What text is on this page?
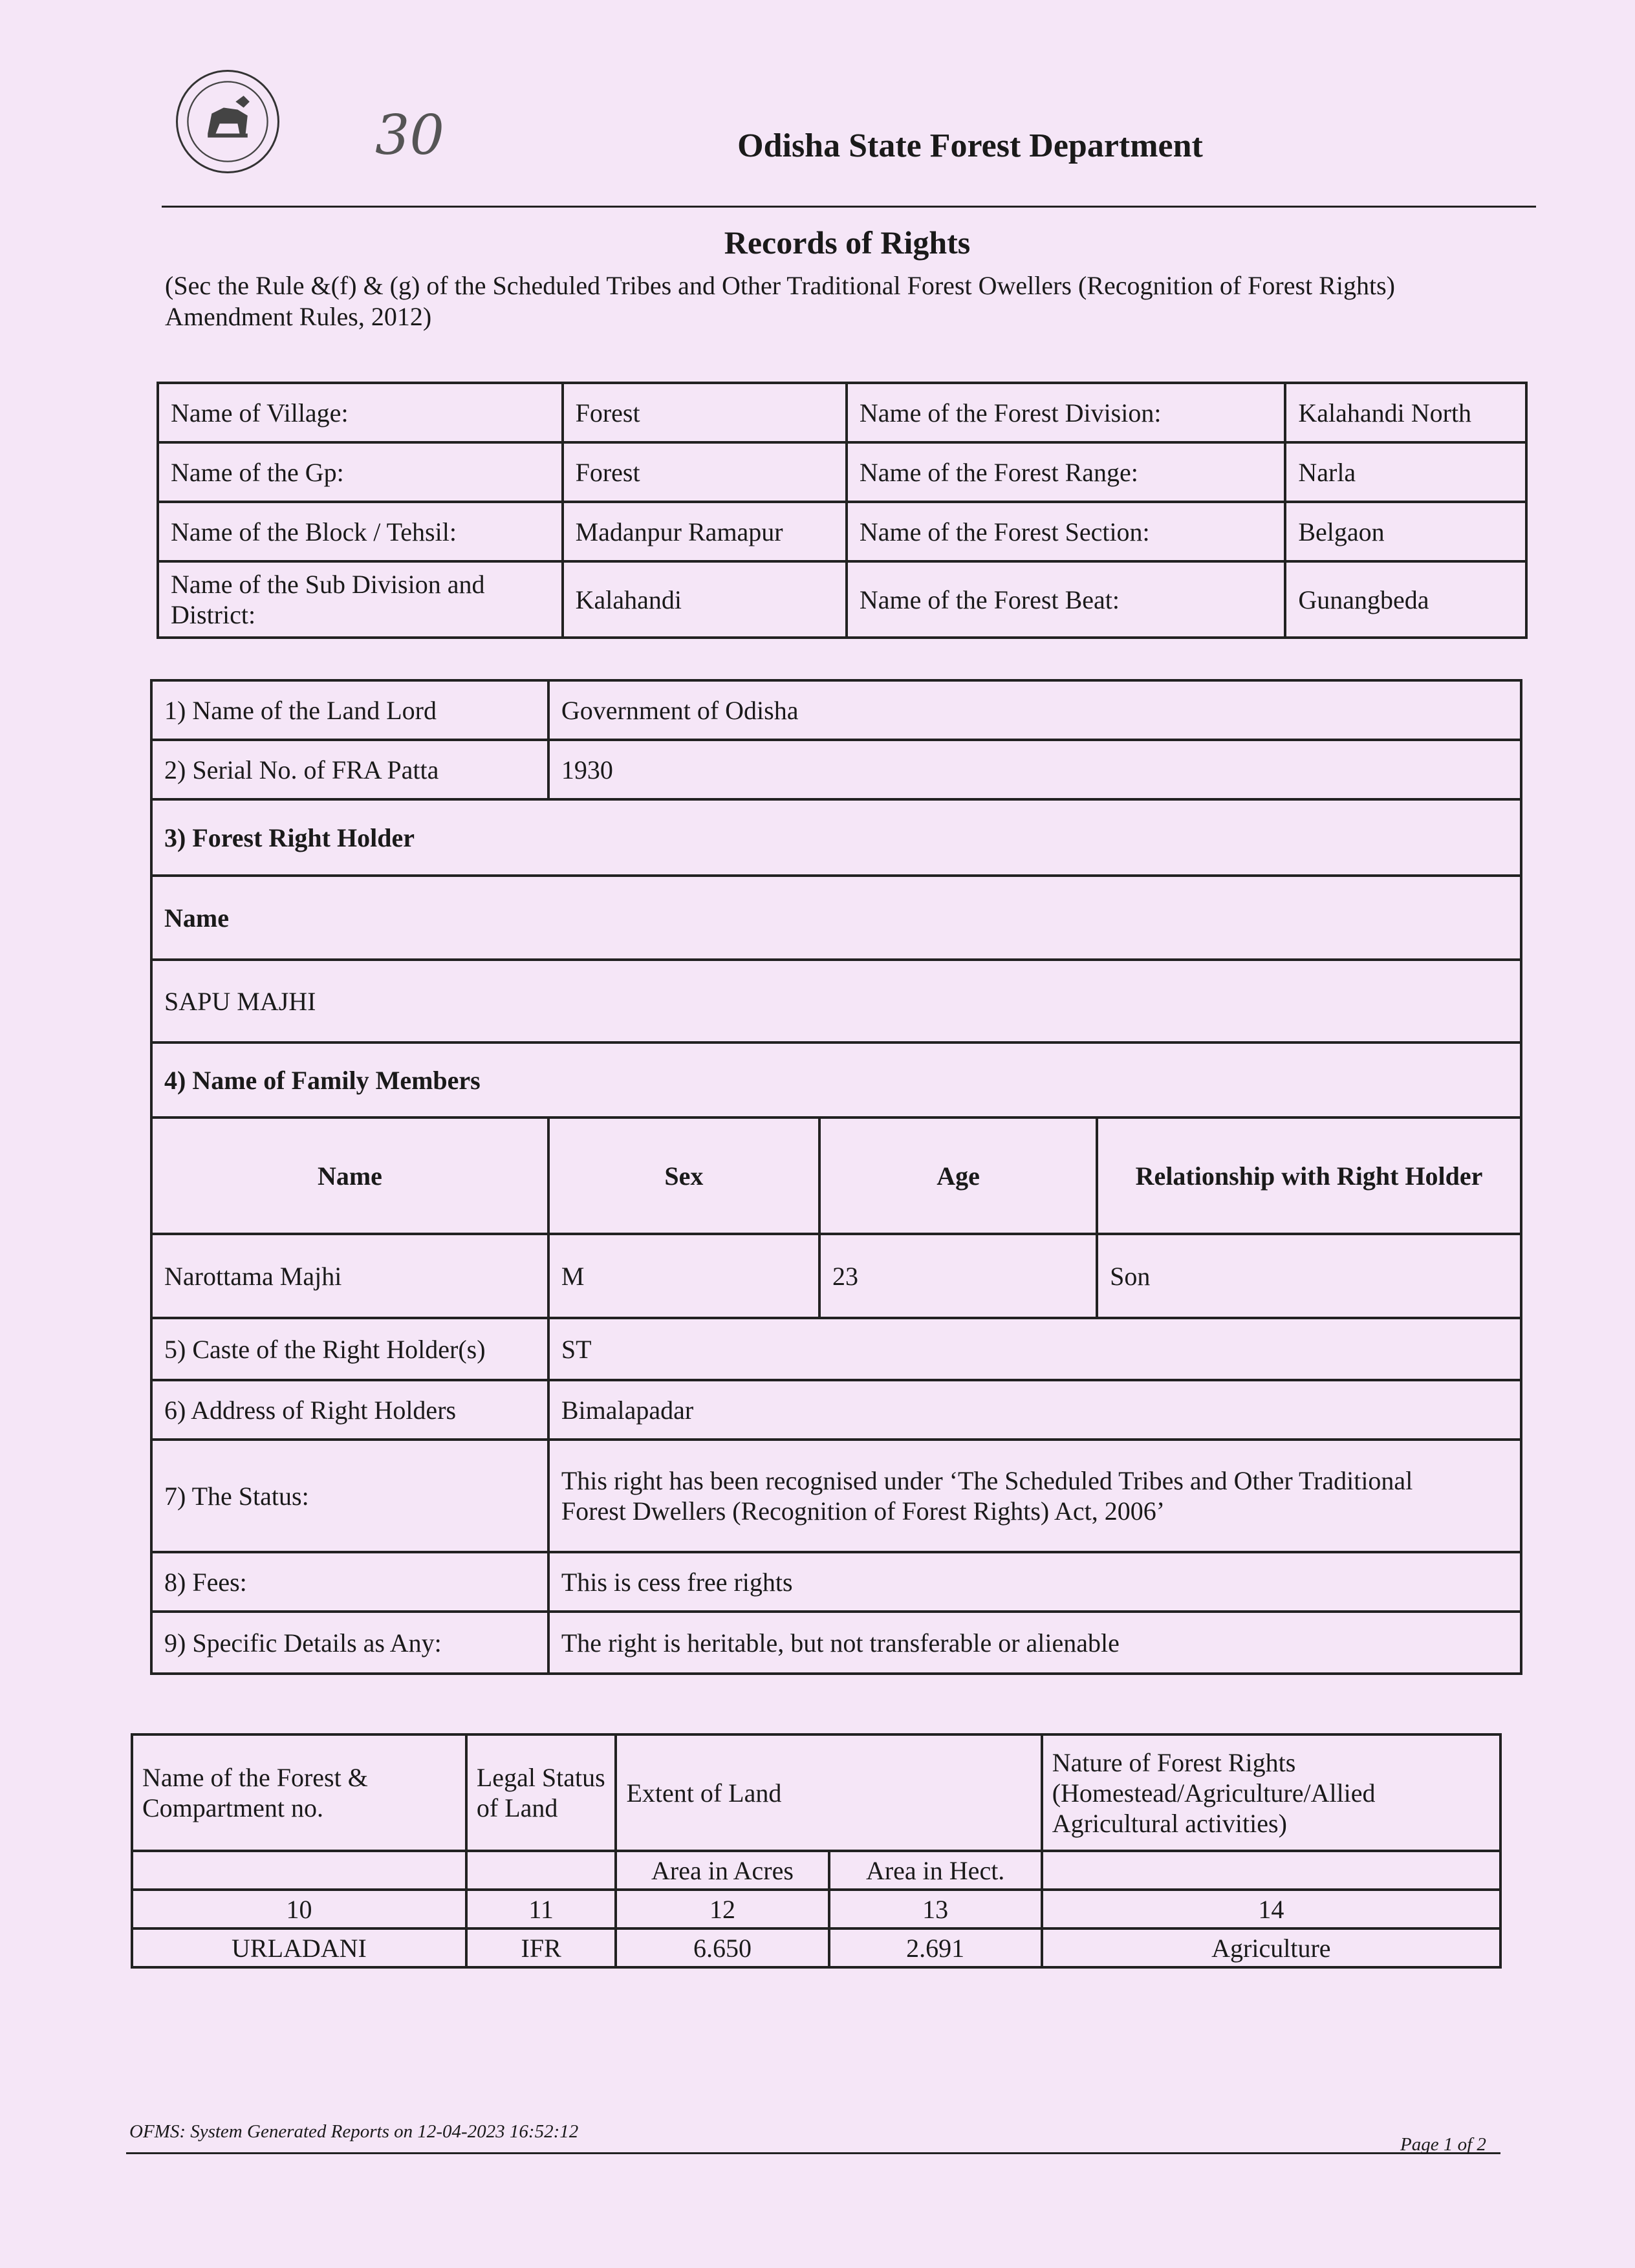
30	Odisha State Forest Department
Records of Rights
(Sec the Rule &(f) & (g) of the Scheduled Tribes and Other Traditional Forest Owellers (Recognition of Forest Rights) Amendment Rules, 2012)
Name of Village:	Forest	Name of the Forest Division:	Kalahandi North
Name of the Gp:	Forest	Name of the Forest Range:	Narla
Name of the Block / Tehsil:	Madanpur Ramapur	Name of the Forest Section:	Belgaon
Name of the Sub Division and District:	Kalahandi	Name of the Forest Beat:	Gunangbeda
1) Name of the Land Lord	Government of Odisha		
2) Serial No. of FRA Patta	1930		
3) Forest Right Holder			
Name			
SAPU MAJHI			
4) Name of Family Members			
Name	Sex	Age	Relationship with Right Holder
Narottama Majhi	M	23	Son
5) Caste of the Right Holder(s)	ST		
6) Address of Right Holders	Bimalapadar		
7) The Status:	This right has been recognised under ‘The Scheduled Tribes and Other Traditional
Forest Dwellers (Recognition of Forest Rights) Act, 2006’		

8) Fees:	This is cess free rights		
9) Specific Details as Any:	The right is heritable, but not transferable or alienable		
Name of the Forest & Compartment no.	Legal Status of Land	Extent of Land		Nature of Forest Rights (Homestead/Agriculture/Allied Agricultural activities)
		Area in Acres	Area in Hect.	
10	11	12	13	14
URLADANI	IFR	6.650	2.691	Agriculture
OFMS: System Generated Reports on 12-04-2023 16:52:12
Page 1 of 2
